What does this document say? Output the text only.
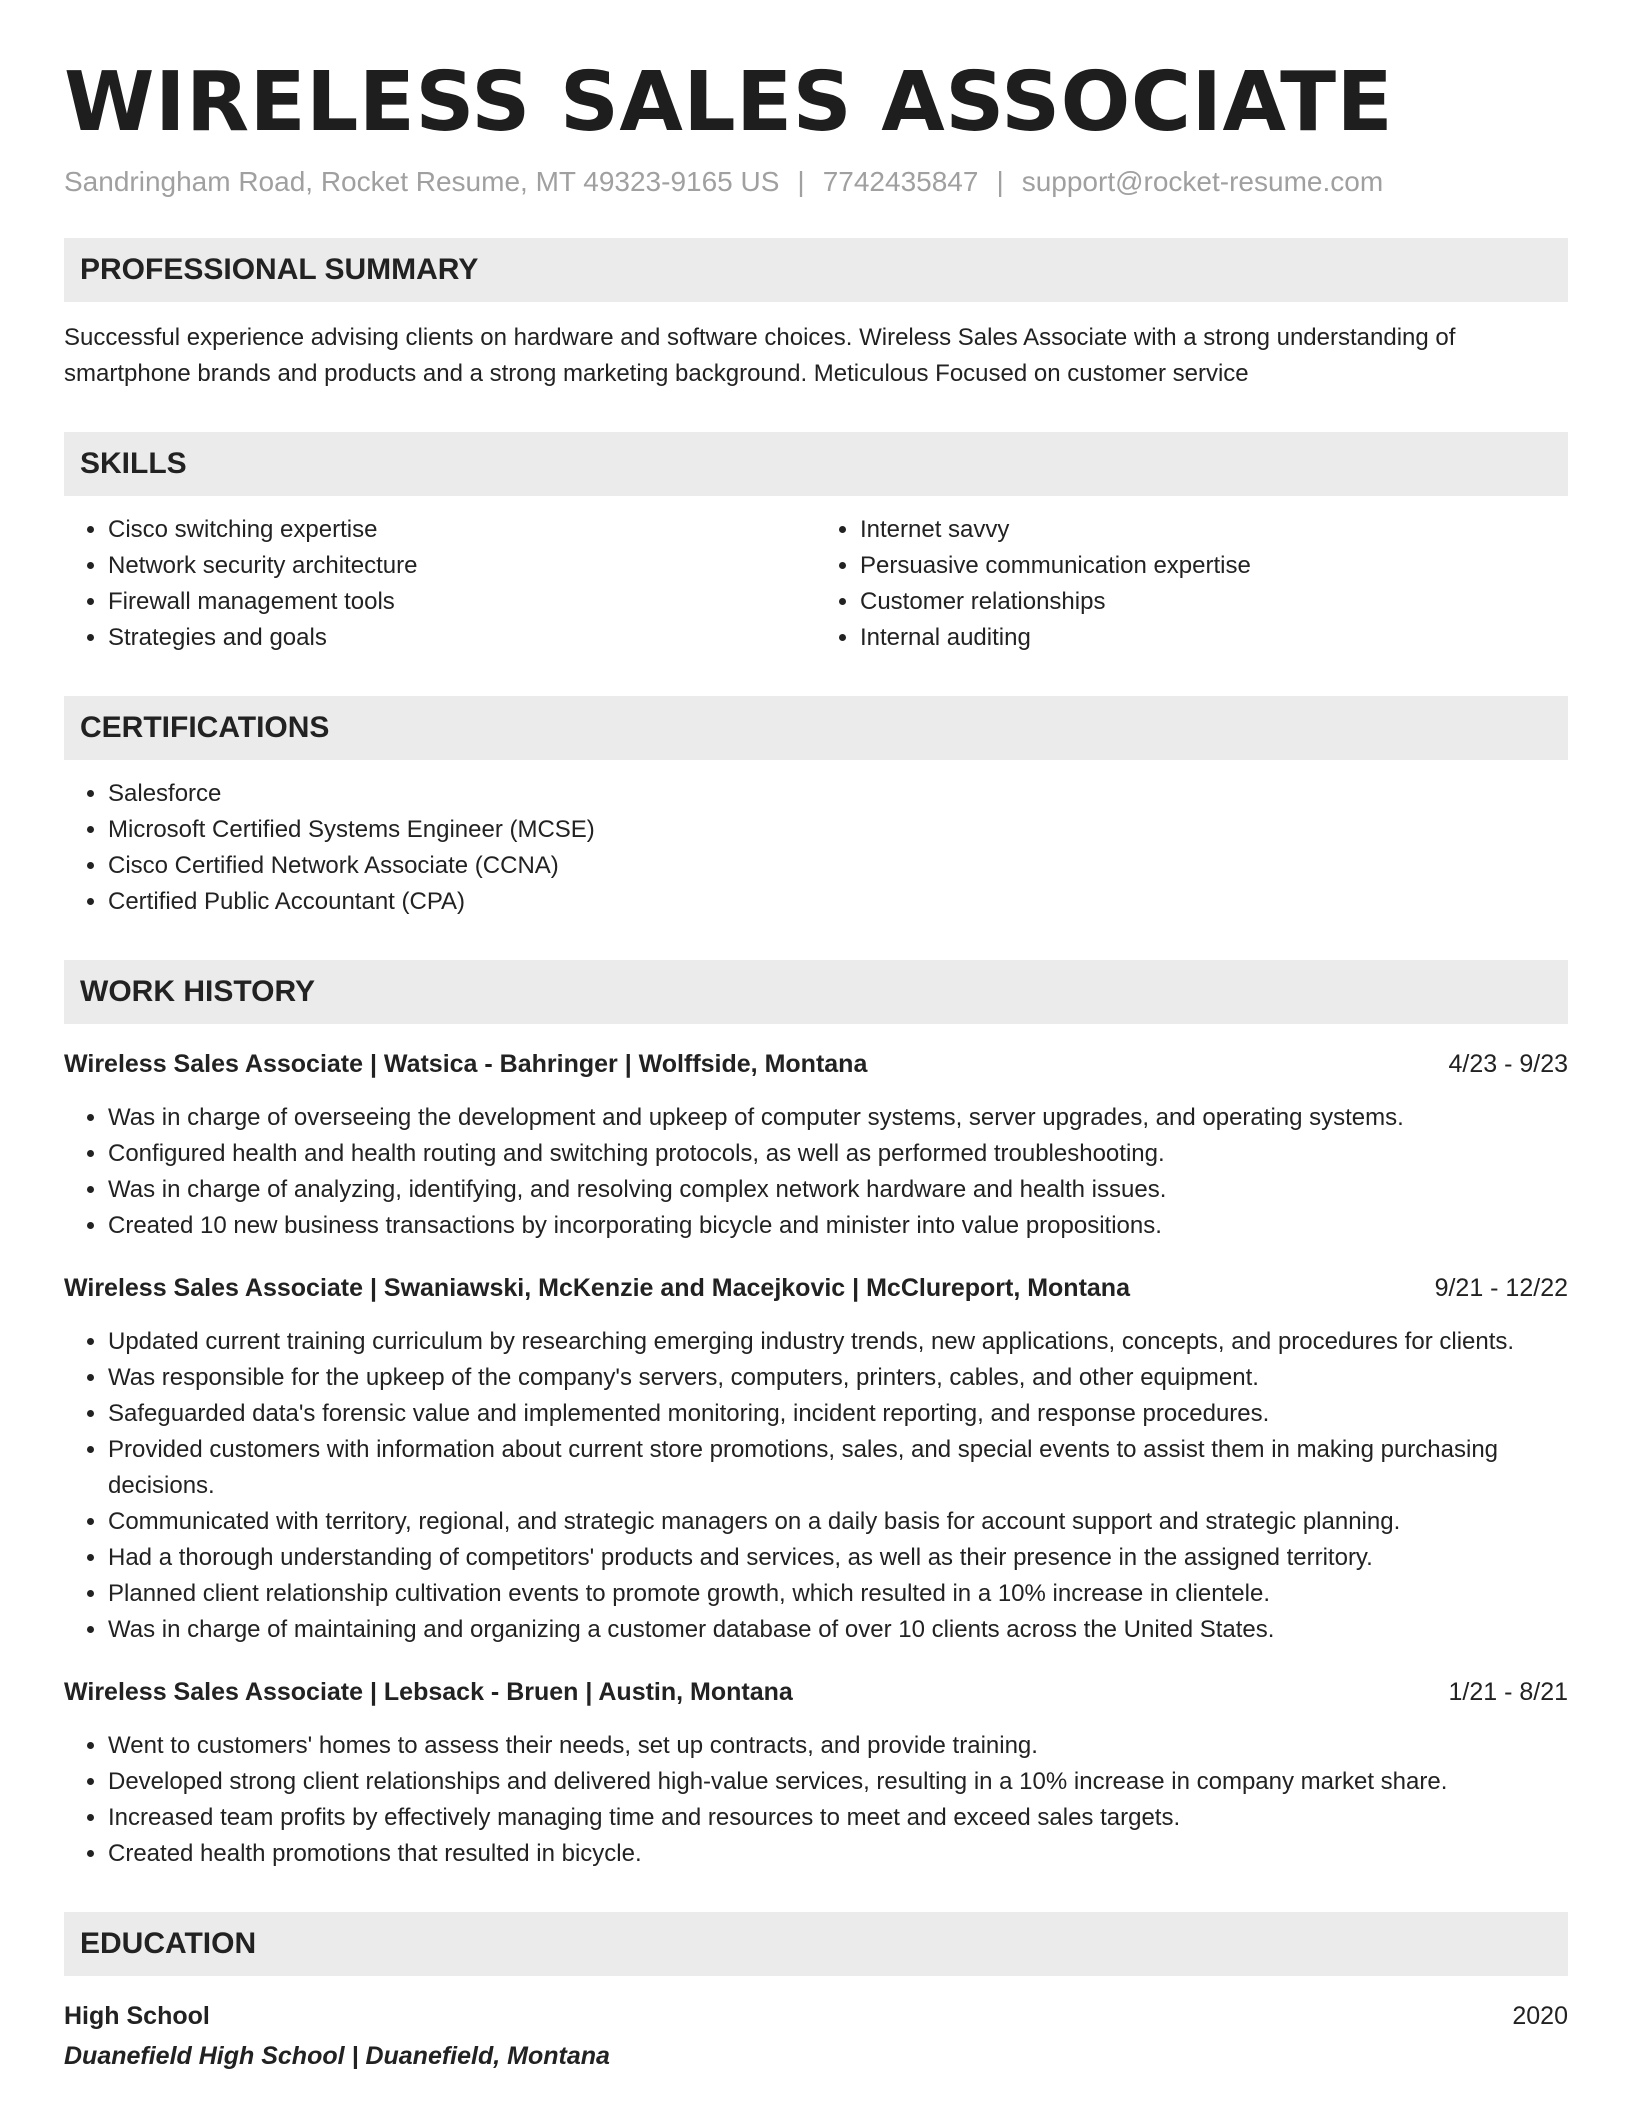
WIRELESS SALES ASSOCIATE
Sandringham Road, Rocket Resume, MT 49323-9165 US | 7742435847 | support@rocket-resume.com
PROFESSIONAL SUMMARY
Successful experience advising clients on hardware and software choices. Wireless Sales Associate with a strong understanding of smartphone brands and products and a strong marketing background. Meticulous Focused on customer service
SKILLS
• Cisco switching expertise
• Network security architecture
• Firewall management tools
• Strategies and goals
• Internet savvy
• Persuasive communication expertise
• Customer relationships
• Internal auditing
CERTIFICATIONS
• Salesforce
• Microsoft Certified Systems Engineer (MCSE)
• Cisco Certified Network Associate (CCNA)
• Certified Public Accountant (CPA)
WORK HISTORY
Wireless Sales Associate | Watsica - Bahringer | Wolffside, Montana	4/23 - 9/23
• Was in charge of overseeing the development and upkeep of computer systems, server upgrades, and operating systems.
• Configured health and health routing and switching protocols, as well as performed troubleshooting.
• Was in charge of analyzing, identifying, and resolving complex network hardware and health issues.
• Created 10 new business transactions by incorporating bicycle and minister into value propositions.
Wireless Sales Associate | Swaniawski, McKenzie and Macejkovic | McClureport, Montana	9/21 - 12/22
• Updated current training curriculum by researching emerging industry trends, new applications, concepts, and procedures for clients.
• Was responsible for the upkeep of the company's servers, computers, printers, cables, and other equipment.
• Safeguarded data's forensic value and implemented monitoring, incident reporting, and response procedures.
• Provided customers with information about current store promotions, sales, and special events to assist them in making purchasing decisions.
• Communicated with territory, regional, and strategic managers on a daily basis for account support and strategic planning.
• Had a thorough understanding of competitors' products and services, as well as their presence in the assigned territory.
• Planned client relationship cultivation events to promote growth, which resulted in a 10% increase in clientele.
• Was in charge of maintaining and organizing a customer database of over 10 clients across the United States.
Wireless Sales Associate | Lebsack - Bruen | Austin, Montana	1/21 - 8/21
• Went to customers' homes to assess their needs, set up contracts, and provide training.
• Developed strong client relationships and delivered high-value services, resulting in a 10% increase in company market share.
• Increased team profits by effectively managing time and resources to meet and exceed sales targets.
• Created health promotions that resulted in bicycle.
EDUCATION
High School	2020
Duanefield High School | Duanefield, Montana
